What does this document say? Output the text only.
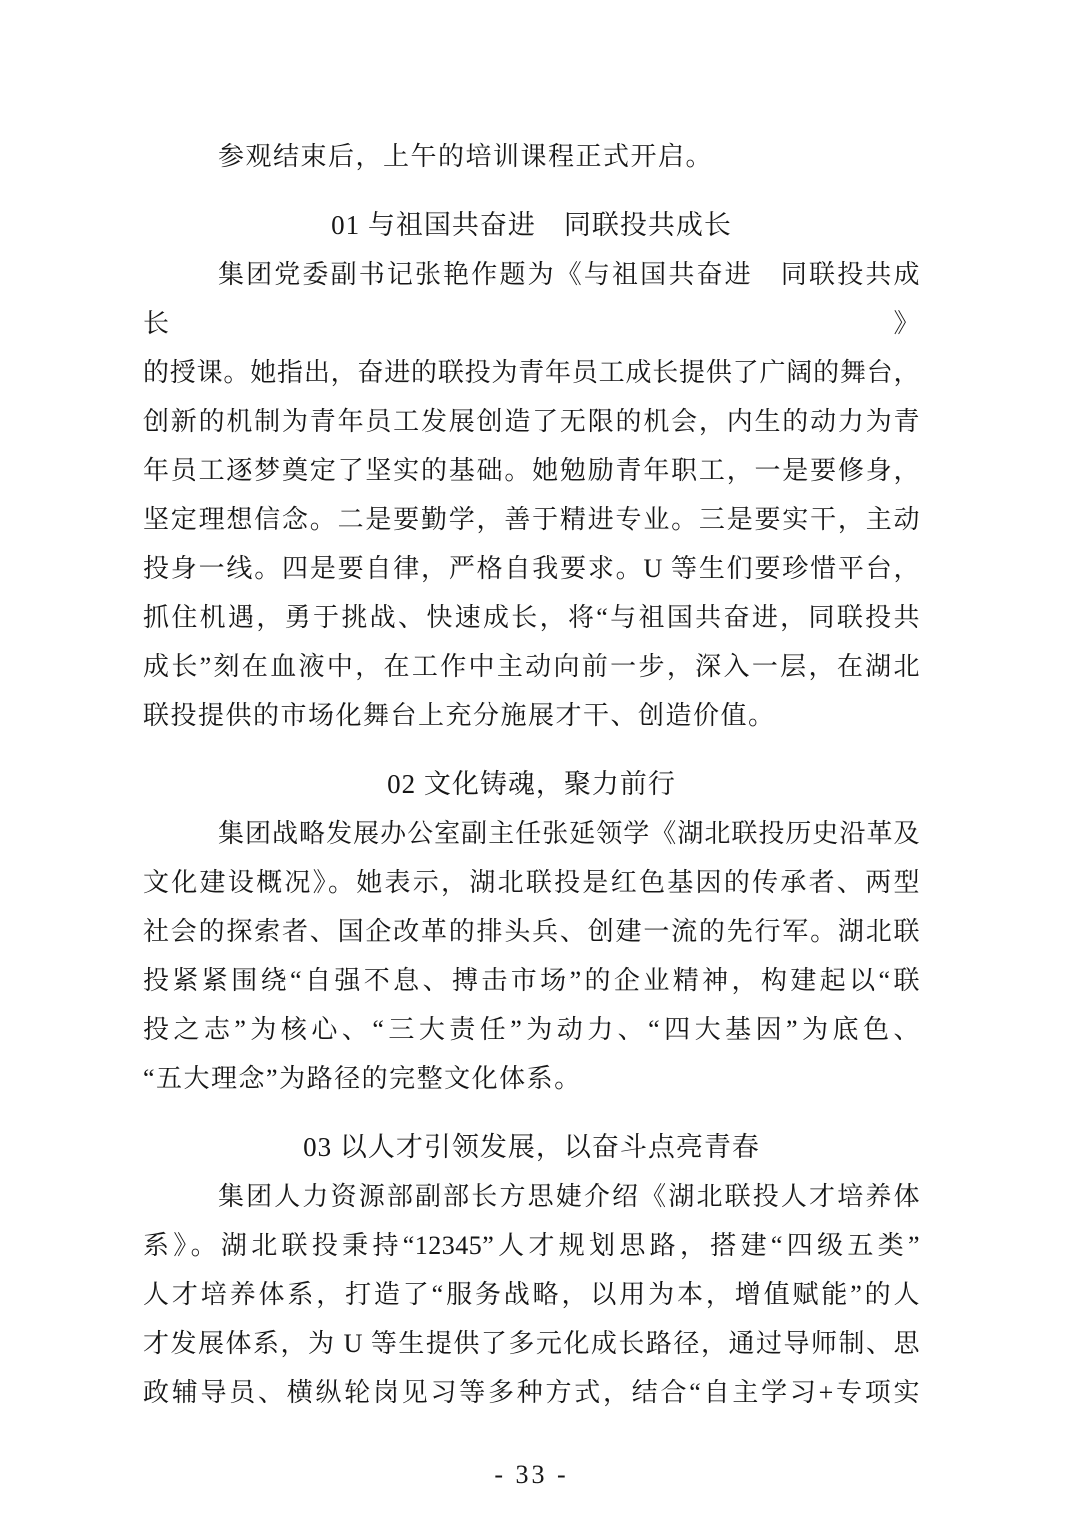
参观结束后，上午的培训课程正式开启。

01 与祖国共奋进　同联投共成长

集团党委副书记张艳作题为《与祖国共奋进　同联投共成长》
的授课。她指出，奋进的联投为青年员工成长提供了广阔的舞台，
创新的机制为青年员工发展创造了无限的机会，内生的动力为青
年员工逐梦奠定了坚实的基础。她勉励青年职工，一是要修身，
坚定理想信念。二是要勤学，善于精进专业。三是要实干，主动
投身一线。四是要自律，严格自我要求。U 等生们要珍惜平台，
抓住机遇，勇于挑战、快速成长，将“与祖国共奋进，同联投共
成长”刻在血液中，在工作中主动向前一步，深入一层，在湖北
联投提供的市场化舞台上充分施展才干、创造价值。

02 文化铸魂，聚力前行

集团战略发展办公室副主任张延领学《湖北联投历史沿革及
文化建设概况》。她表示，湖北联投是红色基因的传承者、两型
社会的探索者、国企改革的排头兵、创建一流的先行军。湖北联
投紧紧围绕“自强不息、搏击市场”的企业精神，构建起以“联
投之志”为核心、“三大责任”为动力、“四大基因”为底色、
“五大理念”为路径的完整文化体系。

03 以人才引领发展，以奋斗点亮青春

集团人力资源部副部长方思婕介绍《湖北联投人才培养体
系》。湖北联投秉持“12345”人才规划思路，搭建“四级五类”
人才培养体系，打造了“服务战略，以用为本，增值赋能”的人
才发展体系，为 U 等生提供了多元化成长路径，通过导师制、思
政辅导员、横纵轮岗见习等多种方式，结合“自主学习+专项实

- 33 -
